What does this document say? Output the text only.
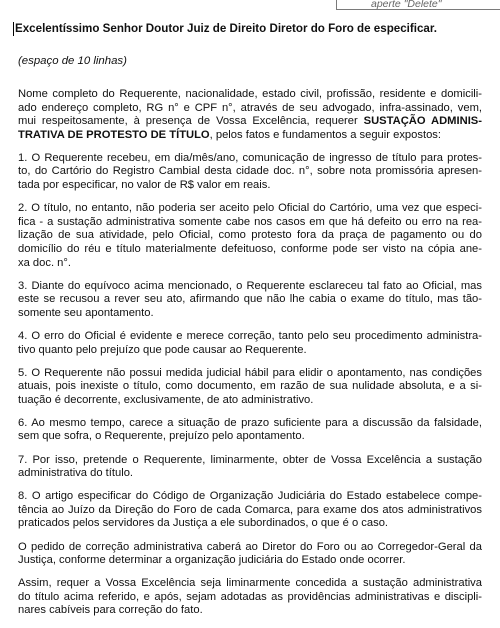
aperte "Delete"
Excelentíssimo Senhor Doutor Juiz de Direito Diretor do Foro de especificar.
(espaço de 10 linhas)
Nome completo do Requerente, nacionalidade, estado civil, profissão, residente e domicili-
ado endereço completo, RG n° e CPF n°, através de seu advogado, infra-assinado, vem,
mui respeitosamente, à presença de Vossa Excelência, requerer SUSTAÇÃO ADMINIS-
TRATIVA DE PROTESTO DE TÍTULO, pelos fatos e fundamentos a seguir expostos:
1. O Requerente recebeu, em dia/mês/ano, comunicação de ingresso de título para protes-
to, do Cartório do Registro Cambial desta cidade doc. n°, sobre nota promissória apresen-
tada por especificar, no valor de R$ valor em reais.
2. O título, no entanto, não poderia ser aceito pelo Oficial do Cartório, uma vez que especi-
fica - a sustação administrativa somente cabe nos casos em que há defeito ou erro na rea-
lização de sua atividade, pelo Oficial, como protesto fora da praça de pagamento ou do
domicílio do réu e título materialmente defeituoso, conforme pode ser visto na cópia ane-
xa doc. n°.
3. Diante do equívoco acima mencionado, o Requerente esclareceu tal fato ao Oficial, mas
este se recusou a rever seu ato, afirmando que não lhe cabia o exame do título, mas tão-
somente seu apontamento.
4. O erro do Oficial é evidente e merece correção, tanto pelo seu procedimento administra-
tivo quanto pelo prejuízo que pode causar ao Requerente.
5. O Requerente não possui medida judicial hábil para elidir o apontamento, nas condições
atuais, pois inexiste o título, como documento, em razão de sua nulidade absoluta, e a si-
tuação é decorrente, exclusivamente, de ato administrativo.
6. Ao mesmo tempo, carece a situação de prazo suficiente para a discussão da falsidade,
sem que sofra, o Requerente, prejuízo pelo apontamento.
7. Por isso, pretende o Requerente, liminarmente, obter de Vossa Excelência a sustação
administrativa do título.
8. O artigo especificar do Código de Organização Judiciária do Estado estabelece compe-
tência ao Juízo da Direção do Foro de cada Comarca, para exame dos atos administrativos
praticados pelos servidores da Justiça a ele subordinados, o que é o caso.
O pedido de correção administrativa caberá ao Diretor do Foro ou ao Corregedor-Geral da
Justiça, conforme determinar a organização judiciária do Estado onde ocorrer.
Assim, requer a Vossa Excelência seja liminarmente concedida a sustação administrativa
do título acima referido, e após, sejam adotadas as providências administrativas e discipli-
nares cabíveis para correção do fato.
